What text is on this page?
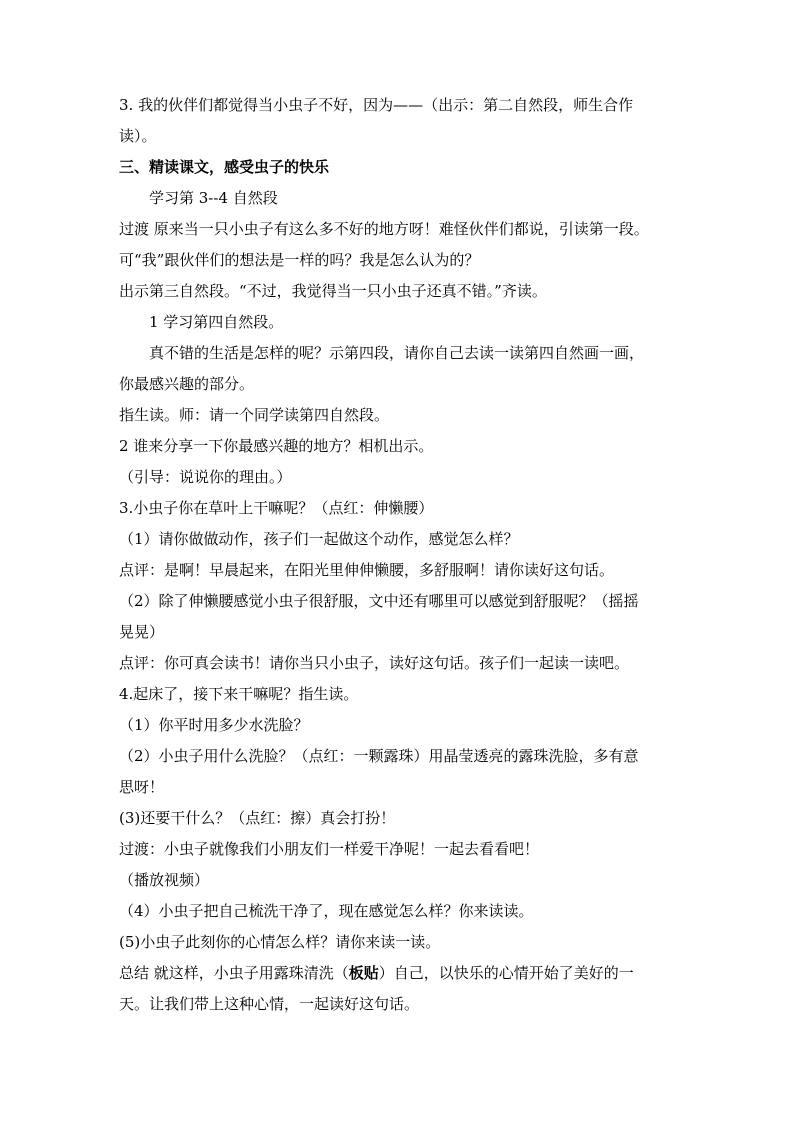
3. 我的伙伴们都觉得当小虫子不好，因为——（出示：第二自然段，师生合作
读）。
三、精读课文，感受虫子的快乐
学习第 3--4 自然段
过渡 原来当一只小虫子有这么多不好的地方呀！难怪伙伴们都说，引读第一段。
可“我”跟伙伴们的想法是一样的吗？我是怎么认为的？
出示第三自然段。“不过，我觉得当一只小虫子还真不错。”齐读。
1 学习第四自然段。
真不错的生活是怎样的呢？示第四段，请你自己去读一读第四自然画一画，
你最感兴趣的部分。
指生读。师：请一个同学读第四自然段。
2 谁来分享一下你最感兴趣的地方？相机出示。
（引导：说说你的理由。）
3.小虫子你在草叶上干嘛呢？（点红：伸懒腰）
（1）请你做做动作，孩子们一起做这个动作，感觉怎么样？
点评：是啊！早晨起来，在阳光里伸伸懒腰，多舒服啊！请你读好这句话。
（2）除了伸懒腰感觉小虫子很舒服，文中还有哪里可以感觉到舒服呢？（摇摇
晃晃）
点评：你可真会读书！请你当只小虫子，读好这句话。孩子们一起读一读吧。
4.起床了，接下来干嘛呢？指生读。
（1）你平时用多少水洗脸？
（2）小虫子用什么洗脸？（点红：一颗露珠）用晶莹透亮的露珠洗脸，多有意
思呀！
(3)还要干什么？（点红：擦）真会打扮！
过渡：小虫子就像我们小朋友们一样爱干净呢！一起去看看吧！
（播放视频）
（4）小虫子把自己梳洗干净了，现在感觉怎么样？你来读读。
(5)小虫子此刻你的心情怎么样？请你来读一读。
总结 就这样，小虫子用露珠清洗（板贴）自己，以快乐的心情开始了美好的一
天。让我们带上这种心情，一起读好这句话。
